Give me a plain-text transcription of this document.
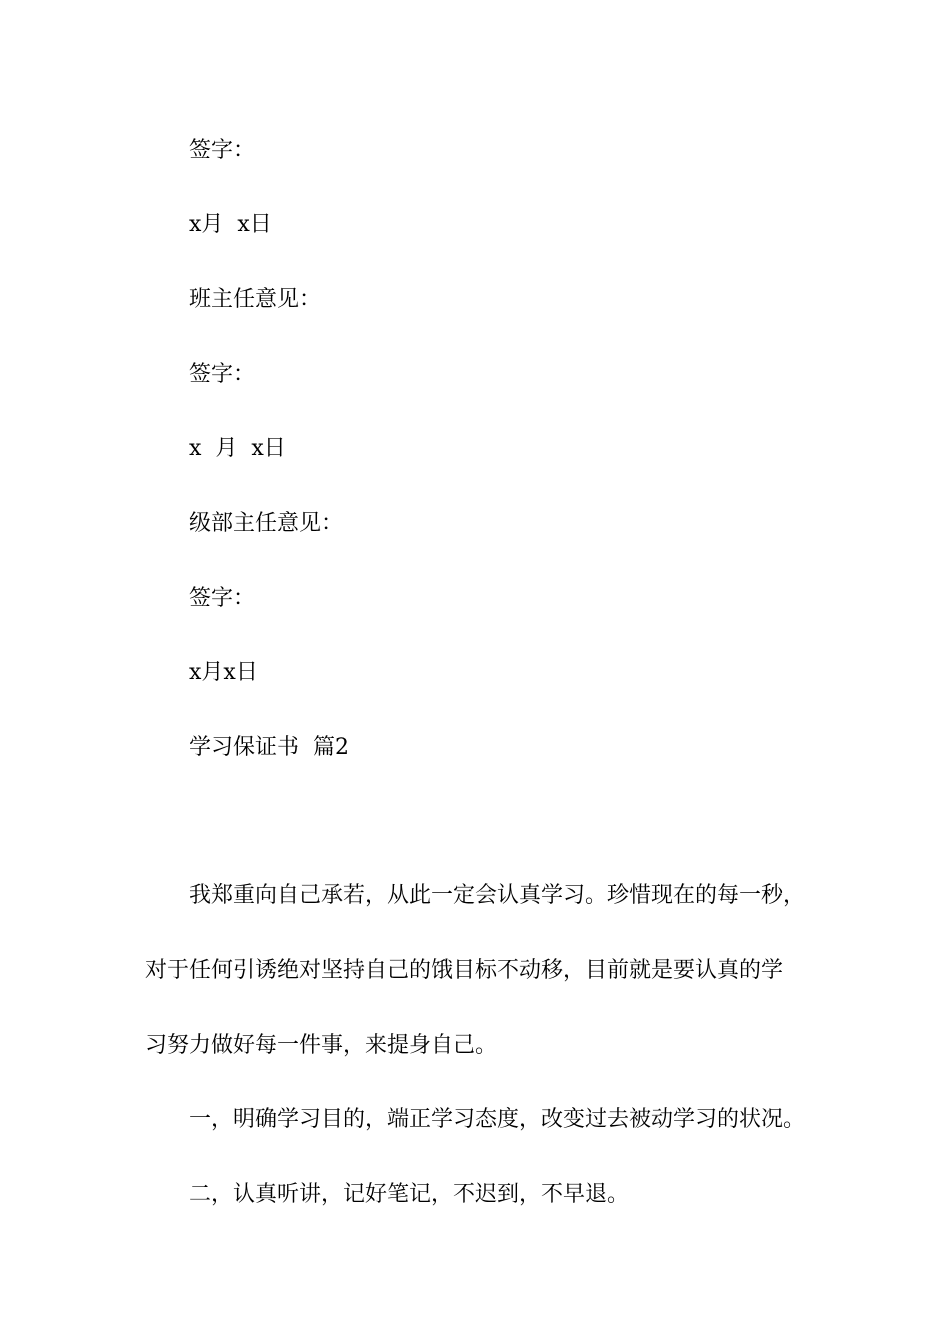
签字：
x月  x日
班主任意见：
签字：
x  月  x日
级部主任意见：
签字：
x月x日
学习保证书  篇2
我郑重向自己承若，从此一定会认真学习。珍惜现在的每一秒，
对于任何引诱绝对坚持自己的饿目标不动移，目前就是要认真的学
习努力做好每一件事，来提身自己。
一，明确学习目的，端正学习态度，改变过去被动学习的状况。
二，认真听讲，记好笔记，不迟到，不早退。
